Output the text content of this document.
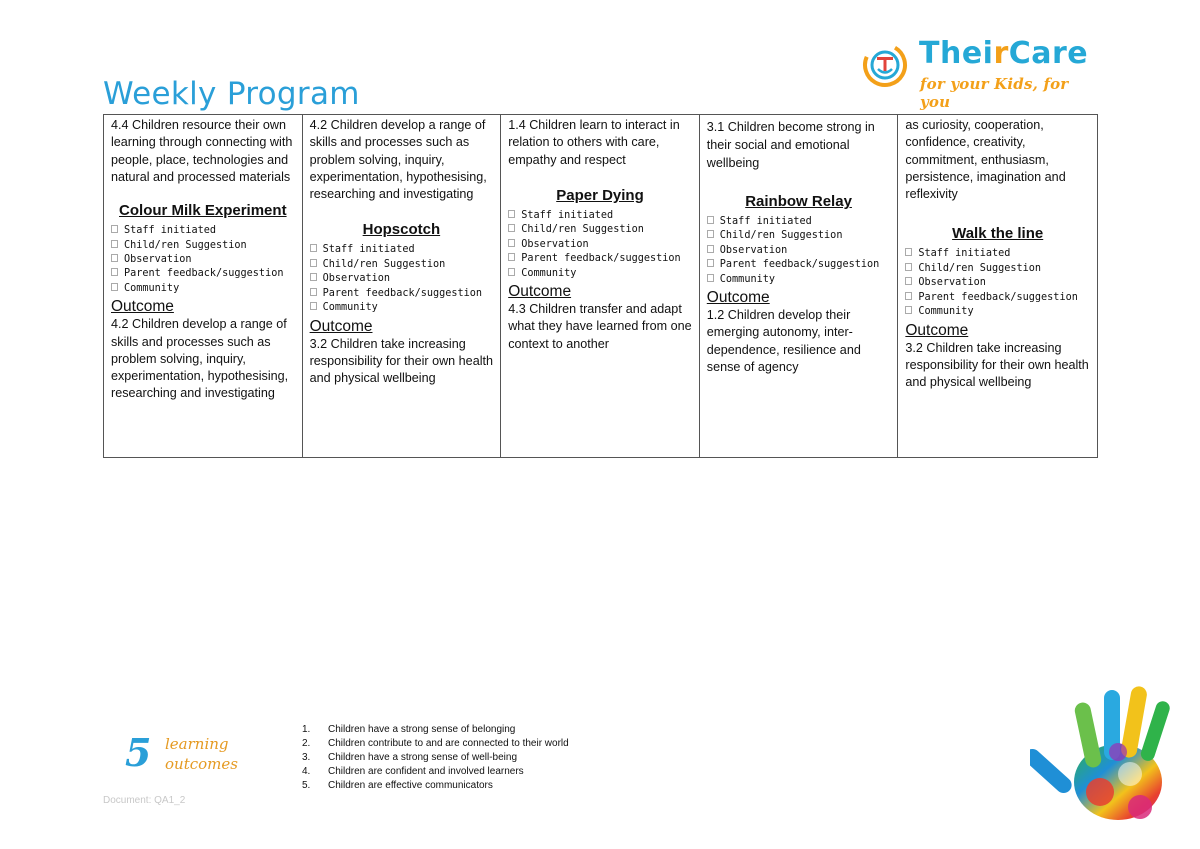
Weekly Program
TheirCare
for your Kids, for you
4.4 Children resource their own learning through connecting with people, place, technologies and natural and processed materials
Colour Milk Experiment
Staff initiated
Child/ren Suggestion
Observation
Parent feedback/suggestion
Community
Outcome
4.2 Children develop a range of skills and processes such as problem solving, inquiry, experimentation, hypothesising, researching and investigating
4.2 Children develop a range of skills and processes such as problem solving, inquiry, experimentation, hypothesising, researching and investigating
Hopscotch
Staff initiated
Child/ren Suggestion
Observation
Parent feedback/suggestion
Community
Outcome
3.2 Children take increasing responsibility for their own health and physical wellbeing
1.4 Children learn to interact in relation to others with care, empathy and respect
Paper Dying
Staff initiated
Child/ren Suggestion
Observation
Parent feedback/suggestion
Community
Outcome
4.3 Children transfer and adapt what they have learned from one context to another
3.1 Children become strong in their social and emotional wellbeing
Rainbow Relay
Staff initiated
Child/ren Suggestion
Observation
Parent feedback/suggestion
Community
Outcome
1.2 Children develop their emerging autonomy, inter-dependence, resilience and sense of agency
as curiosity, cooperation, confidence, creativity, commitment, enthusiasm, persistence, imagination and reflexivity
Walk the line
Staff initiated
Child/ren Suggestion
Observation
Parent feedback/suggestion
Community
Outcome
3.2 Children take increasing responsibility for their own health and physical wellbeing
5 learning
outcomes
1. Children have a strong sense of belonging
2. Children contribute to and are connected to their world
3. Children have a strong sense of well-being
4. Children are confident and involved learners
5. Children are effective communicators
Document: QA1_2
